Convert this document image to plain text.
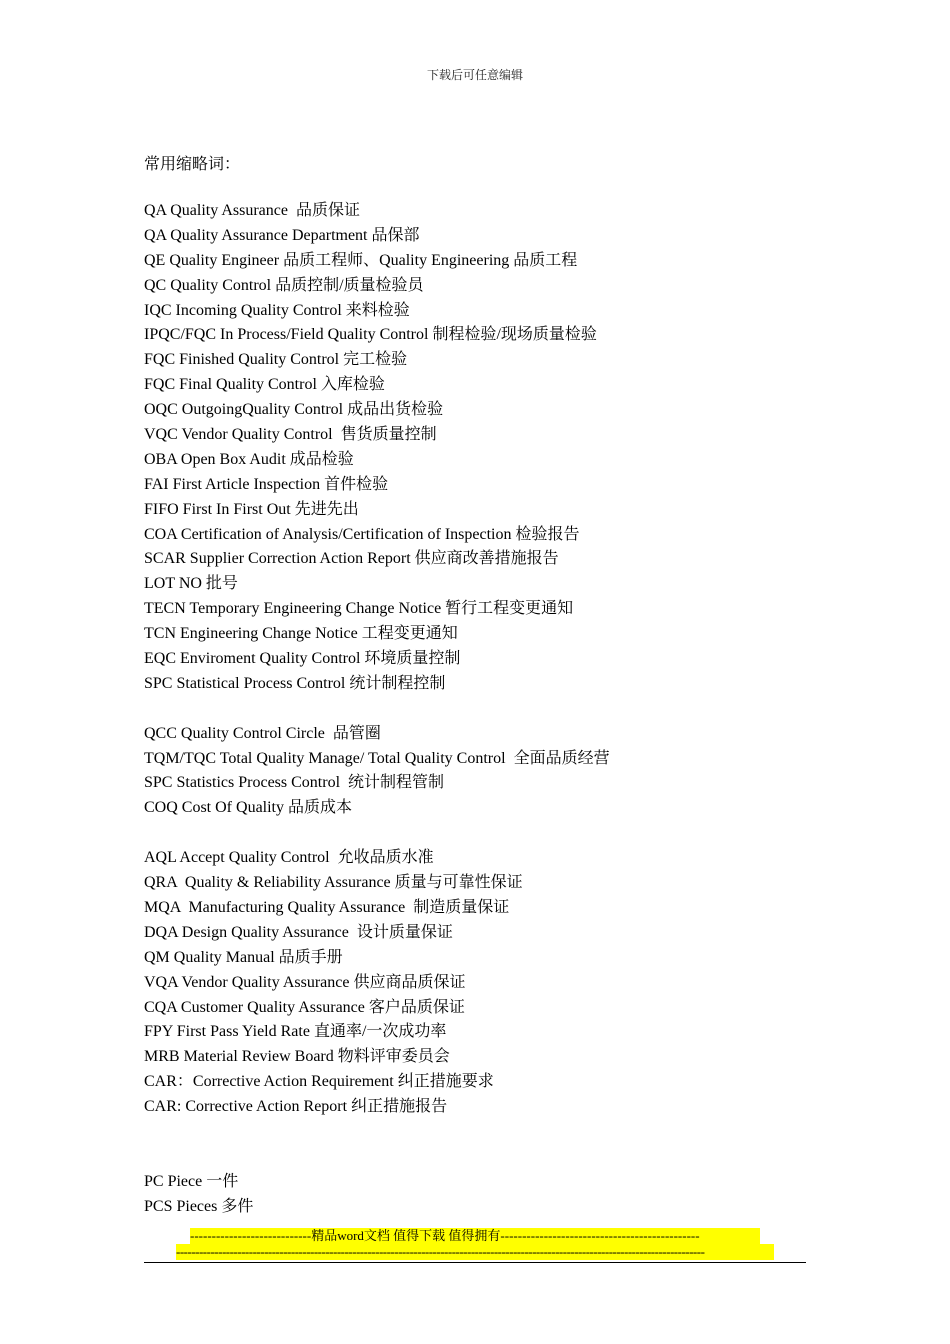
下载后可任意编辑
常用缩略词：
QA Quality Assurance  品质保证
QA Quality Assurance Department 品保部
QE Quality Engineer 品质工程师、Quality Engineering 品质工程
QC Quality Control 品质控制/质量检验员
IQC Incoming Quality Control 来料检验
IPQC/FQC In Process/Field Quality Control 制程检验/现场质量检验
FQC Finished Quality Control 完工检验
FQC Final Quality Control 入库检验
OQC OutgoingQuality Control 成品出货检验
VQC Vendor Quality Control  售货质量控制
OBA Open Box Audit 成品检验
FAI First Article Inspection 首件检验
FIFO First In First Out 先进先出
COA Certification of Analysis/Certification of Inspection 检验报告
SCAR Supplier Correction Action Report 供应商改善措施报告
LOT NO 批号
TECN Temporary Engineering Change Notice 暂行工程变更通知
TCN Engineering Change Notice 工程变更通知
EQC Enviroment Quality Control 环境质量控制
SPC Statistical Process Control 统计制程控制
QCC Quality Control Circle  品管圈
TQM/TQC Total Quality Manage/ Total Quality Control  全面品质经营
SPC Statistics Process Control  统计制程管制
COQ Cost Of Quality 品质成本
AQL Accept Quality Control  允收品质水准
QRA  Quality & Reliability Assurance 质量与可靠性保证
MQA  Manufacturing Quality Assurance  制造质量保证
DQA Design Quality Assurance  设计质量保证
QM Quality Manual 品质手册
VQA Vendor Quality Assurance 供应商品质保证
CQA Customer Quality Assurance 客户品质保证
FPY First Pass Yield Rate 直通率/一次成功率
MRB Material Review Board 物料评审委员会
CAR：Corrective Action Requirement 纠正措施要求
CAR: Corrective Action Report 纠正措施报告
PC Piece 一件
PCS Pieces 多件
----------------------------精品word文档 值得下载 值得拥有----------------------------------------------
------------------------------------------------------------------------------------------------------------------------------------------
